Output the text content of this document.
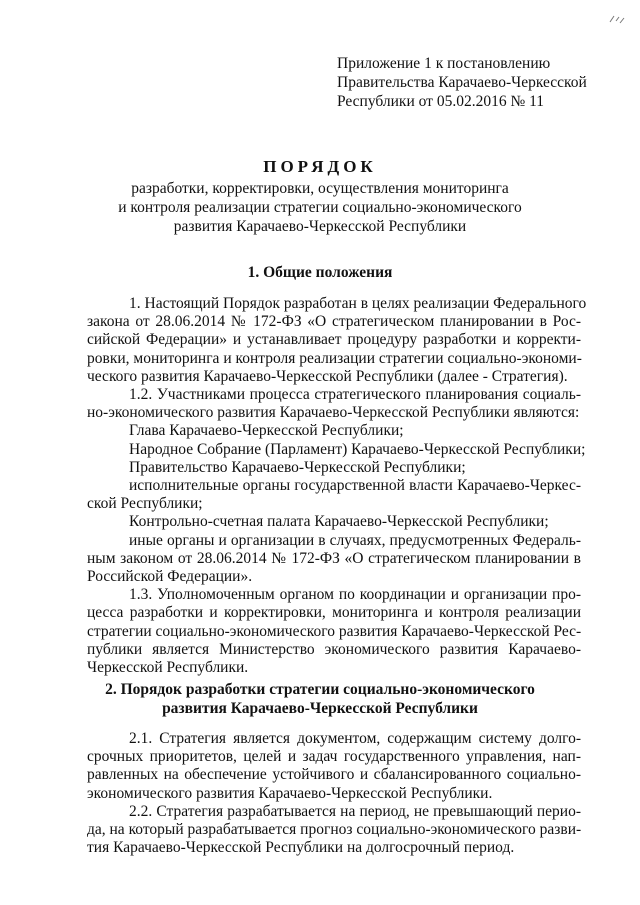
Приложение 1 к постановлению
Правительства Карачаево-Черкесской
Республики от 05.02.2016 № 11
ПОРЯДОК
разработки, корректировки, осуществления мониторинга
и контроля реализации стратегии социально-экономического
развития Карачаево-Черкесской Республики
1. Общие положения

1. Настоящий Порядок разработан в целях реализации Федерального
закона от 28.06.2014 № 172-ФЗ «О стратегическом планировании в Рос-
сийской Федерации» и устанавливает процедуру разработки и корректи-
ровки, мониторинга и контроля реализации стратегии социально-экономи-
ческого развития Карачаево-Черкесской Республики (далее - Стратегия).

1.2. Участниками процесса стратегического планирования социаль-
но-экономического развития Карачаево-Черкесской Республики являются:

Глава Карачаево-Черкесской Республики;

Народное Собрание (Парламент) Карачаево-Черкесской Республики;

Правительство Карачаево-Черкесской Республики;

исполнительные органы государственной власти Карачаево-Черкес-
ской Республики;

Контрольно-счетная палата Карачаево-Черкесской Республики;

иные органы и организации в случаях, предусмотренных Федераль-
ным законом от 28.06.2014 № 172-ФЗ «О стратегическом планировании в
Российской Федерации».

1.3. Уполномоченным органом по координации и организации про-
цесса разработки и корректировки, мониторинга и контроля реализации
стратегии социально-экономического развития Карачаево-Черкесской Рес-
публики является Министерство экономического развития Карачаево-
Черкесской Республики.

2. Порядок разработки стратегии социально-экономического
развития Карачаево-Черкесской Республики

2.1. Стратегия является документом, содержащим систему долго-
срочных приоритетов, целей и задач государственного управления, нап-
равленных на обеспечение устойчивого и сбалансированного социально-
экономического развития Карачаево-Черкесской Республики.

2.2. Стратегия разрабатывается на период, не превышающий перио-
да, на который разрабатывается прогноз социально-экономического разви-
тия Карачаево-Черкесской Республики на долгосрочный период.
